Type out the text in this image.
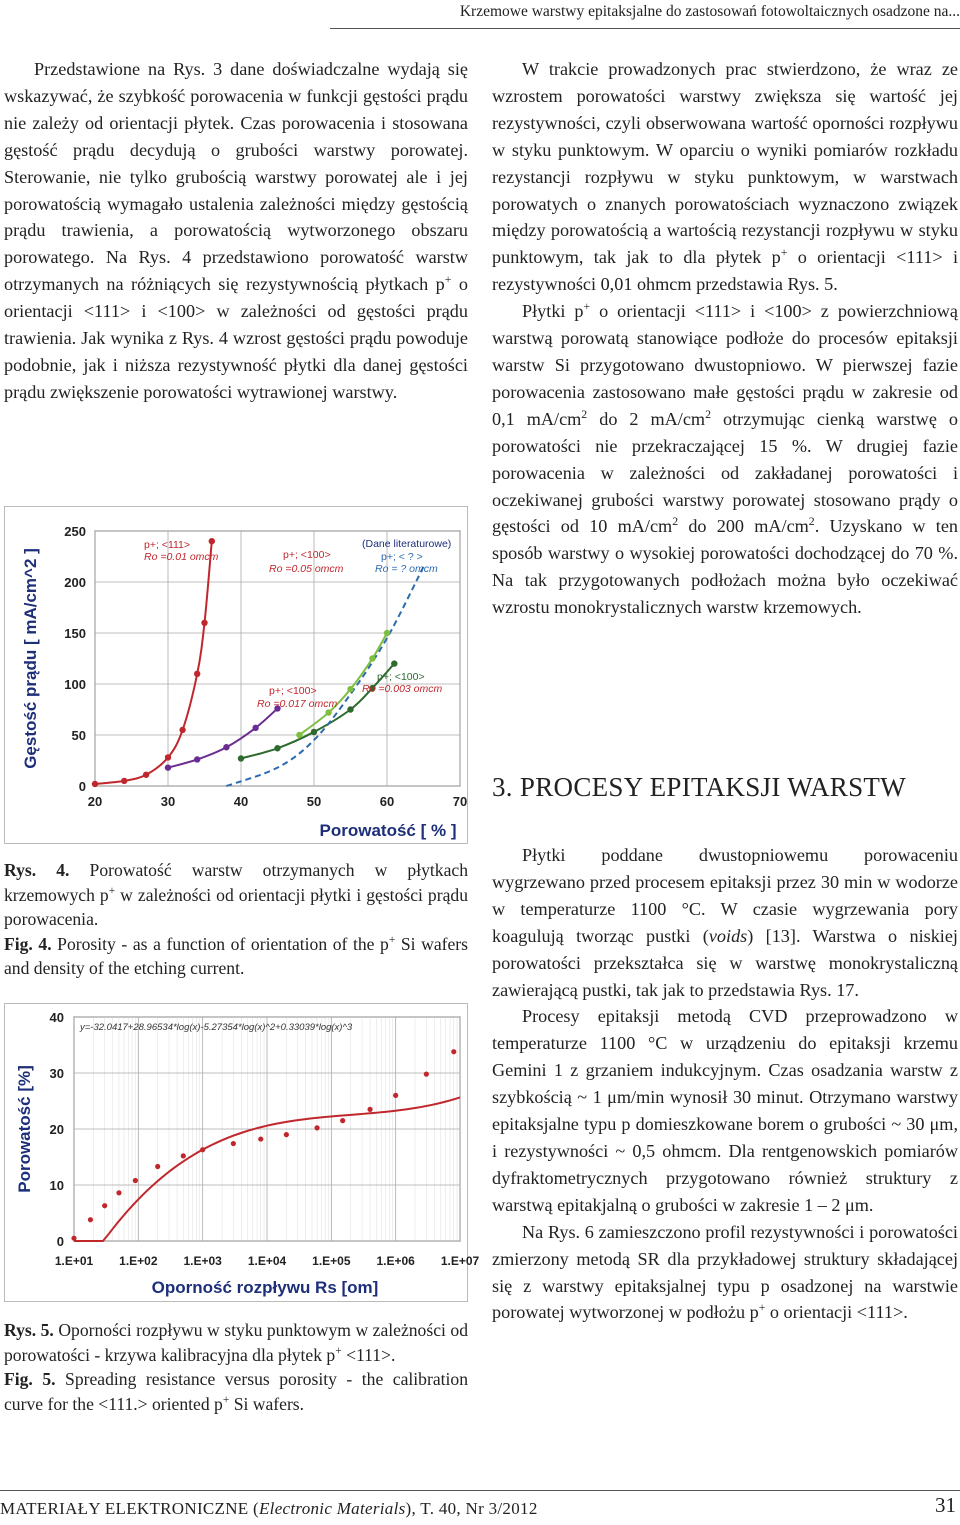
Krzemowe warstwy epitaksjalne do zastosowań fotowoltaicznych osadzone na...

Przedstawione na Rys. 3 dane doświadczalne wydają się wskazywać, że szybkość porowacenia w funkcji gęstości prądu nie zależy od orientacji płytek. Czas porowacenia i stosowana gęstość prądu decydują o grubości warstwy porowatej. Sterowanie, nie tylko grubością warstwy porowatej ale i jej porowatością wymagało ustalenia zależności między gęstością prądu trawienia, a porowatością wytworzonego obszaru porowatego. Na Rys. 4 przedstawiono porowatość warstw otrzymanych na różniących się rezystywnością płytkach p+ o orientacji <111> i <100> w zależności od gęstości prądu trawienia. Jak wynika z Rys. 4 wzrost gęstości prądu powoduje podobnie, jak i niższa rezystywność płytki dla danej gęstości prądu zwiększenie porowatości wytrawionej warstwy.

20	30	40	50	60	70
0
50
100
150
200
250
Porowatość [ % ]
Gęstość prądu [ mA/cm^2 ]
p+; <111>
Ro =0.01 omcm	p+; <100>
Ro =0.05 omcm
(Dane literaturowe)
p+; < ? >
Ro = ? omcm
p+; <100>
Ro =0.017 omcm
p+; <100>
Ro =0.003 omcm
Rys. 4. Porowatość warstw otrzymanych w płytkach krzemowych p+ w zależności od orientacji płytki i gęstości prądu porowacenia.
Fig. 4. Porosity - as a function of orientation of the p+ Si wafers and density of the etching current.
1.E+01 1.E+02 1.E+03 1.E+04 1.E+05 1.E+06 1.E+07
0
10
20
30
40
Oporność rozpływu Rs [om]
Porowatość [%]
y=-32.0417+28.96534*log(x)-5.27354*log(x)^2+0.33039*log(x)^3
Rys. 5. Oporności rozpływu w styku punktowym w zależności od porowatości - krzywa kalibracyjna dla płytek p+ <111>.
Fig. 5. Spreading resistance versus porosity - the calibration curve for the <111.> oriented p+ Si wafers.

W trakcie prowadzonych prac stwierdzono, że wraz ze wzrostem porowatości warstwy zwiększa się wartość jej rezystywności, czyli obserwowana wartość oporności rozpływu w styku punktowym. W oparciu o wyniki pomiarów rozkładu rezystancji rozpływu w styku punktowym, w warstwach porowatych o znanych porowatościach wyznaczono związek między porowatością a wartością rezystancji rozpływu w styku punktowym, tak jak to dla płytek p+ o orientacji <111> i rezystywności 0,01 ohmcm przedstawia Rys. 5.

Płytki p+ o orientacji <111> i <100> z powierzchniową warstwą porowatą stanowiące podłoże do procesów epitaksji warstw Si przygotowano dwustopniowo. W pierwszej fazie porowacenia zastosowano małe gęstości prądu w zakresie od 0,1 $mA/cm^2$ do 2 $mA/cm^2$ otrzymując cienką warstwę o porowatości nie przekraczającej 15 %. W drugiej fazie porowacenia w zależności od zakładanej porowatości i oczekiwanej grubości warstwy porowatej stosowano prądy o gęstości od 10 $mA/cm^2$ do 200 $mA/cm^2$. Uzyskano w ten sposób warstwy o wysokiej porowatości dochodzącej do 70 %. Na tak przygotowanych podłożach można było oczekiwać wzrostu monokrystalicznych warstw krzemowych.

3. PROCESY EPITAKSJI WARSTW

Płytki poddane dwustopniowemu porowaceniu wygrzewano przed procesem epitaksji przez 30 min w wodorze w temperaturze 1100 °C. W czasie wygrzewania pory koagulują tworząc pustki (voids) [13]. Warstwa o niskiej porowatości przekształca się w warstwę monokrystaliczną zawierającą pustki, tak jak to przedstawia Rys. 17.

Procesy epitaksji metodą CVD przeprowadzono w temperaturze 1100 °C w urządzeniu do epitaksji krzemu Gemini 1 z grzaniem indukcyjnym. Czas osadzania warstw z szybkością ~ 1 μm/min wynosił 30 minut. Otrzymano warstwy epitaksjalne typu p domieszkowane borem o grubości ~ 30 μm, i rezystywności ~ 0,5 ohmcm. Dla rentgenowskich pomiarów dyfraktometrycznych przygotowano również struktury z warstwą epitakjalną o grubości w zakresie 1 – 2 μm.

Na Rys. 6 zamieszczono profil rezystywności i porowatości zmierzony metodą SR dla przykładowej struktury składającej się z warstwy epitaksjalnej typu p osadzonej na warstwie porowatej wytworzonej w podłożu p+ o orientacji <111>.

MATERIAŁY ELEKTRONICZNE (Electronic Materials), T. 40, Nr 3/2012	31
